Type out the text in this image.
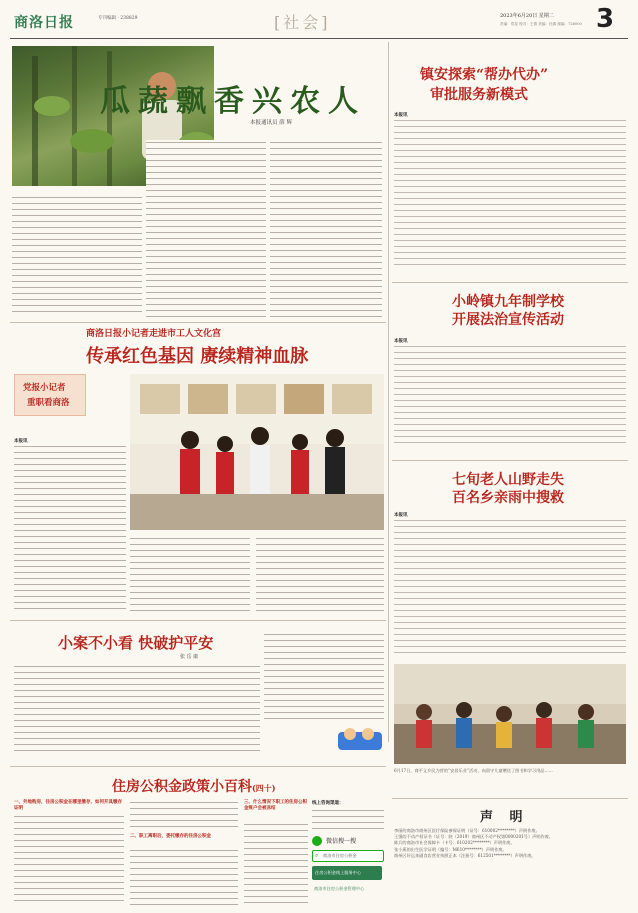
商洛日报	专刊编辑 · 238829	[社会]	2023年6月20日 星期二
责编：郑星 校对：王倩 美编：杜鹃 邮编：726000 3
瓜蔬飘香兴农人
本报通讯员 薛 辉
镇安探索“帮办代办”
审批服务新模式
本报讯
小岭镇九年制学校
开展法治宣传活动
本报讯
七旬老人山野走失
百名乡亲雨中搜救
本报讯
6月17日，商平义乡民为营的“安居乐业”活动，向留守儿童赠送了图书和学习用品……
声 明
李丽的商洛市商州区医疗保险参保证明（证号：610002********）声明作废。
王强的不动产权证书（证号：陕（2019）商州区不动产权第0000201号）声明作废。
陈兵的商洛市社会保障卡（卡号：610202********）声明作废。
张小燕的出生医学证明（编号：M610********）声明作废。
商州区好运来副食店营业执照正本（注册号：612501********）声明作废。
商洛日报小记者走进市工人文化宫
传承红色基因 赓续精神血脉
党报小记者
重职看商洛
本报讯
小案不小看 快破护平安
张 岳 康
住房公积金政策小百科(四十)
一、外地购房，住房公积金在哪里缴存、如何开具缴存证明
二、职工离职后，委托缴存的住房公积金
三、什么情况下职工的住房公积金账户会被冻结
线上咨询渠道：
微信搜一搜
⌕ 商洛市住房公积金
住房公积金线上服务中心
商洛市住房公积金管理中心
